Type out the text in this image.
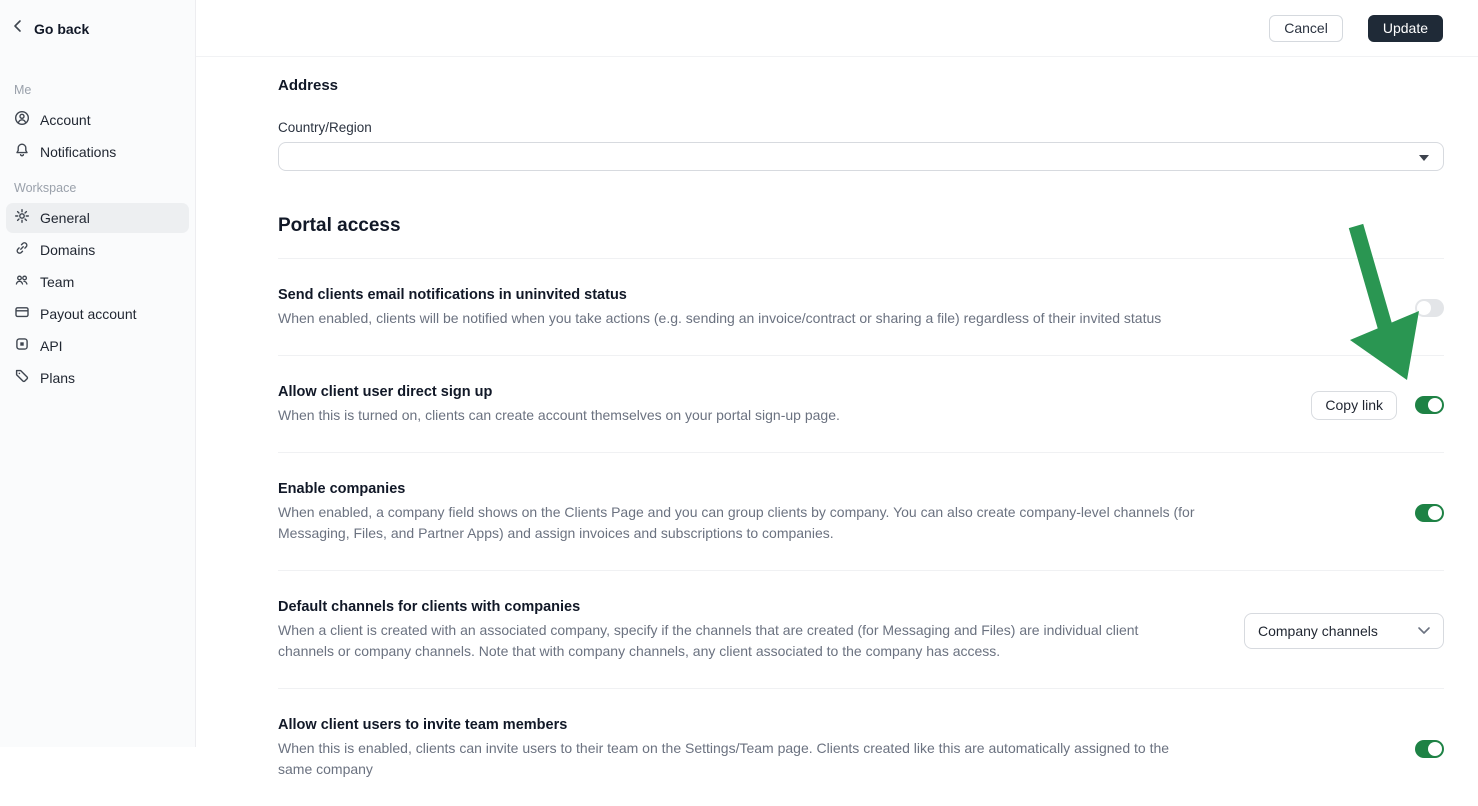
Go back
Me
Account
Notifications
Workspace
General
Domains
Team
Payout account
API
Plans
Cancel	Update
Address
Country/Region
Portal access
Send clients email notifications in uninvited status
When enabled, clients will be notified when you take actions (e.g. sending an invoice/contract or sharing a file) regardless of their invited status
Allow client user direct sign up
When this is turned on, clients can create account themselves on your portal sign-up page.
Copy link
Enable companies
When enabled, a company field shows on the Clients Page and you can group clients by company. You can also create company-level channels (for Messaging, Files, and Partner Apps) and assign invoices and subscriptions to companies.
Default channels for clients with companies
When a client is created with an associated company, specify if the channels that are created (for Messaging and Files) are individual client channels or company channels. Note that with company channels, any client associated to the company has access.
Company channels
Allow client users to invite team members
When this is enabled, clients can invite users to their team on the Settings/Team page. Clients created like this are automatically assigned to the same company
